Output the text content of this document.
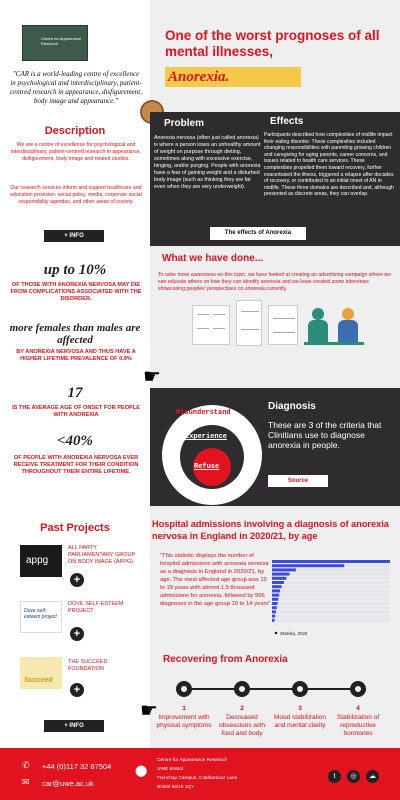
Centre for Appearance Research
"CAR is a world-leading centre of excellence in psychological and interdisciplinary, patient-centred research in appearance, disfigurement, body image and appearance."
Description
We are a centre of excellence for psychological and interdisciplinary, patient-centred research in appearance, disfigurement, body image and related studies.
Our research services inform and support healthcare and education provision, social policy, media, corporate social responsibility agendas, and other areas of society.
+ INFO
up to 10%
OF THOSE WITH ANOREXIA NERVOSA MAY DIE FROM COMPLICATIONS ASSOCIATED WITH THE DISORDER.
more females than males are affected
BY ANOREXIA NERVOSA AND THUS HAVE A HIGHER LIFETIME PREVALENCE OF 0.9%
☛
17
IS THE AVERAGE AGE OF ONSET FOR PEOPLE WITH ANOREXIA
<40%
OF PEOPLE WITH ANOREXIA NERVOSA EVER RECEIVE TREATMENT FOR THEIR CONDITION THROUGHOUT THEIR ENTIRE LIFETIME.
One of the worst prognoses of all mental illnesses,
Anorexia.
Problem
Anorexia nervosa (often just called anorexia) is where a person loses an unhealthy amount of weight on purpose through dieting, sometimes along with excessive exercise, binging, and/or purging. People with anorexia have a fear of gaining weight and a disturbed body image (such as thinking they are fat even when they are very underweight).
Effects
Participants described how complexities of midlife impact their eating disorder. These complexities included changing responsibilities with parenting growing children and caregiving for aging parents, career concerns, and issues related to health care services. These complexities propelled them toward recovery, further exacerbated the illness, triggered a relapse after decades of recovery, or contributed to an initial onset of AN in midlife. These three domains are described and, although presented as discrete areas, they can overlap.
The effects of Anorexia
What we have done...
To raise more awareness on this topic, we have looked at creating an advertising campaign where we can educate others on how they can identify anorexia and we have created some interviews showcasing peoples' perspectives on anorexia currently.
Misunderstand
Experience
Refuse
Diagnosis
These are 3 of the criteria that Clinitians use to diagnose anorexia in people.
Source
Past Projects
appg
ALL PARTY PARLIAMENTARY GROUP ON BODY IMAGE (APPG)
+
Dove self-esteem project
DOVE SELF-ESTEEM PROJECT
+
Succeed
THE SUCCEED FOUNDATION
+
☛
+ INFO
Hospital admissions involving a diagnosis of anorexia nervosa in England in 2020/21, by age
"This statistic displays the number of hospital admissions with anorexia nervosa as a diagnosis in England in 2020/21, by age. The most affected age group was 15 to 19 years with almost 1.5 thousand admissions for anorexia, followed by 906 diagnoses in the age group 10 to 14 years".
Statista, 2022
Recovering from Anorexia
1	2	3	4
Improvement with physical symptoms
Decreased obsessions with food and body
Mood stabilization and mental clarity
Stabilization of reproductive hormones
✆ +44 (0)117 32 87504
✉ car@uwe.ac.uk
⬤
Centre for Appearance Research
UWE Bristol
Frenchay Campus, Coldharbour Lane
Bristol BS16 1QY
t	◎	☁
